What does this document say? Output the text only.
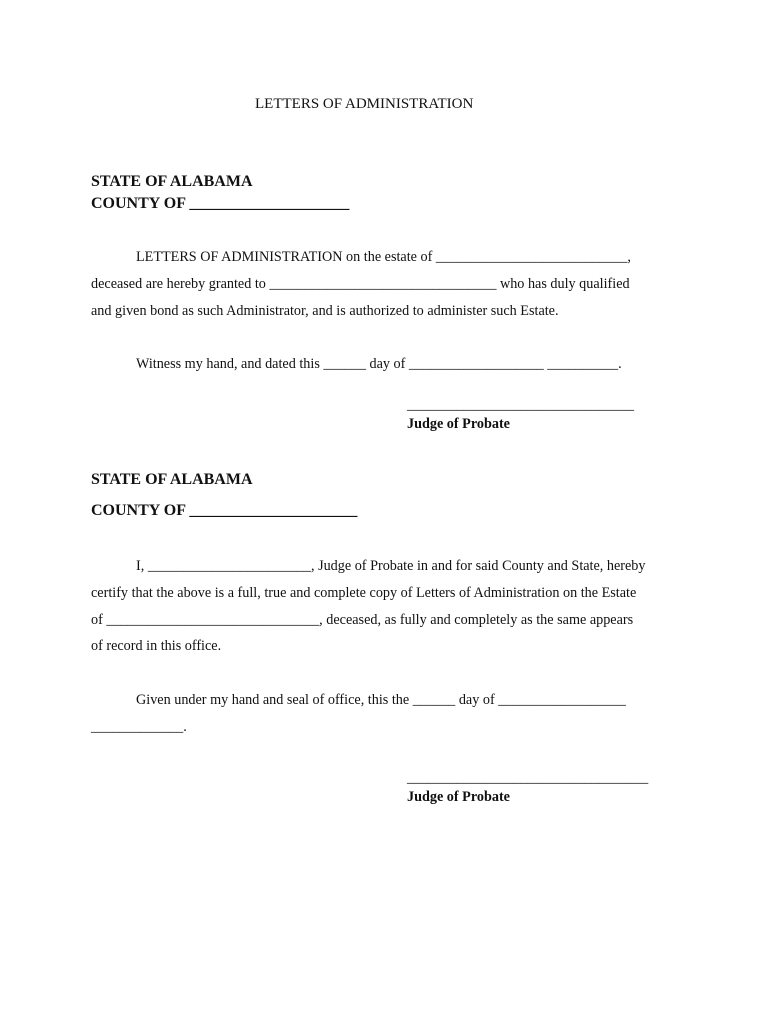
LETTERS OF ADMINISTRATION
STATE OF ALABAMA
COUNTY OF ____________________
LETTERS OF ADMINISTRATION on the estate of ___________________________,
deceased are hereby granted to ________________________________ who has duly qualified
and given bond as such Administrator, and is authorized to administer such Estate.
Witness my hand, and dated this ______ day of ___________________ __________.
________________________________
Judge of Probate
STATE OF ALABAMA
COUNTY OF _____________________
I, _______________________, Judge of Probate in and for said County and State, hereby
certify that the above is a full, true and complete copy of Letters of Administration on the Estate
of ______________________________, deceased, as fully and completely as the same appears
of record in this office.
Given under my hand and seal of office, this the ______ day of __________________
_____________.
__________________________________
Judge of Probate
